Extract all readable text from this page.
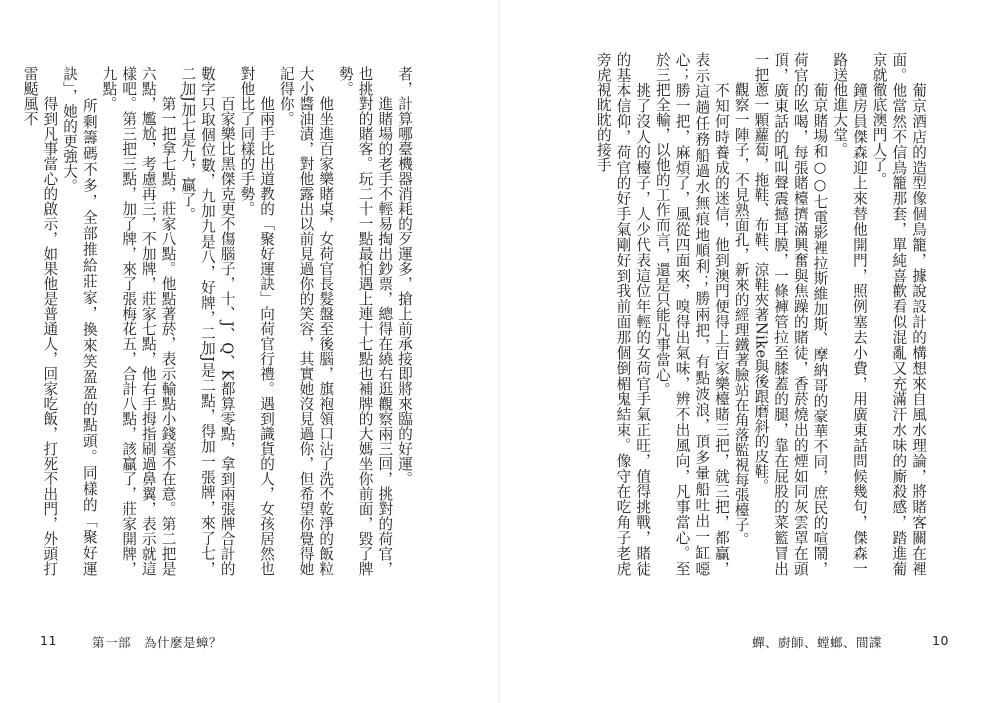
者，計算哪臺機器消耗的歹運多，搶上前承接即將來臨的好運。
　　進賭場的老手不輕易掏出鈔票，總得在繞右逛觀察兩三回，挑對的荷官，也挑對的賭客。玩二十一點最怕遇上連十七點也補牌的大媽坐你前面，毀了牌勢。
　　他坐進百家樂賭桌，女荷官長髮盤至後腦，旗袍領口沾了洗不乾淨的飯粒大小醬油漬，對他露出以前見過你的笑容，其實她沒見過你，但希望你覺得她記得你。
　　他兩手比出道教的「聚好運訣」向荷官行禮。遇到識貨的人，女孩居然也對他比了同樣的手勢。
　　百家樂比黑傑克更不傷腦子，十、J、Q、K都算零點，拿到兩張牌合計的數字只取個位數，九加九是八，好牌，二加J是二點，得加一張牌，來了七，二加J加七是九，贏了。
　　第一把拿七點，莊家八點。他點著菸，表示輸點小錢毫不在意。第二把是六點，尷尬，考慮再三，不加牌，莊家七點，他右手拇指刷過鼻翼，表示就這樣吧。第三把三點，加了牌，來了張梅花五，合計八點，該贏了，莊家開牌，九點。
　　所剩籌碼不多，全部推給莊家，換來笑盈盈的點頭。同樣的「聚好運訣」，她的更強大。
　　得到凡事當心的啟示，如果他是普通人，回家吃飯，打死不出門，外頭打雷颳風不
11	第一部　為什麼是蟑？
　　葡京酒店的造型像個鳥籠，據說設計的構想來自風水理論，將賭客關在裡面。他當然不信鳥籠那套，單純喜歡看似混亂又充滿汗水味的廝殺感，踏進葡京就徹底澳門人了。
　　鐘房員傑森迎上來替他開門，照例塞去小費，用廣東話問候幾句，傑森一路送他進大堂。
　　葡京賭場和○○七電影裡拉斯維加斯、摩納哥的豪華不同，庶民的喧鬧，荷官的吆喝，每張賭檯擠滿興奮與焦躁的賭徒，香菸燒出的煙如同灰雲罩在頭頂，廣東話的吼叫聲震撼耳膜，一條褲管拉至膝蓋的腿，靠在屁股的菜籃冒出一把蔥一顆蘿蔔，拖鞋、布鞋、涼鞋夾著Nike與後跟磨斜的皮鞋。
　　觀察一陣子，不見熟面孔，新來的經理鐵著臉站在角落監視每張檯子。
　　不知何時養成的迷信，他到澳門便得上百家樂檯賭三把，就三把，都贏，表示這趟任務船過水無痕地順利；勝兩把，有點波浪，頂多暈船吐出一缸噁心；勝一把，麻煩了，風從四面來，嗅得出氣味，辨不出風向，凡事當心。至於三把全輸，以他的工作而言，還是只能凡事當心。
　　挑了沒人的檯子，人少代表這位年輕的女荷官手氣正旺，值得挑戰，賭徒的基本信仰，荷官的好手氣剛好到我前面那個倒楣鬼結束。像守在吃角子老虎旁虎視眈眈的接手
蟬、廚師、螳螂、間諜	10
